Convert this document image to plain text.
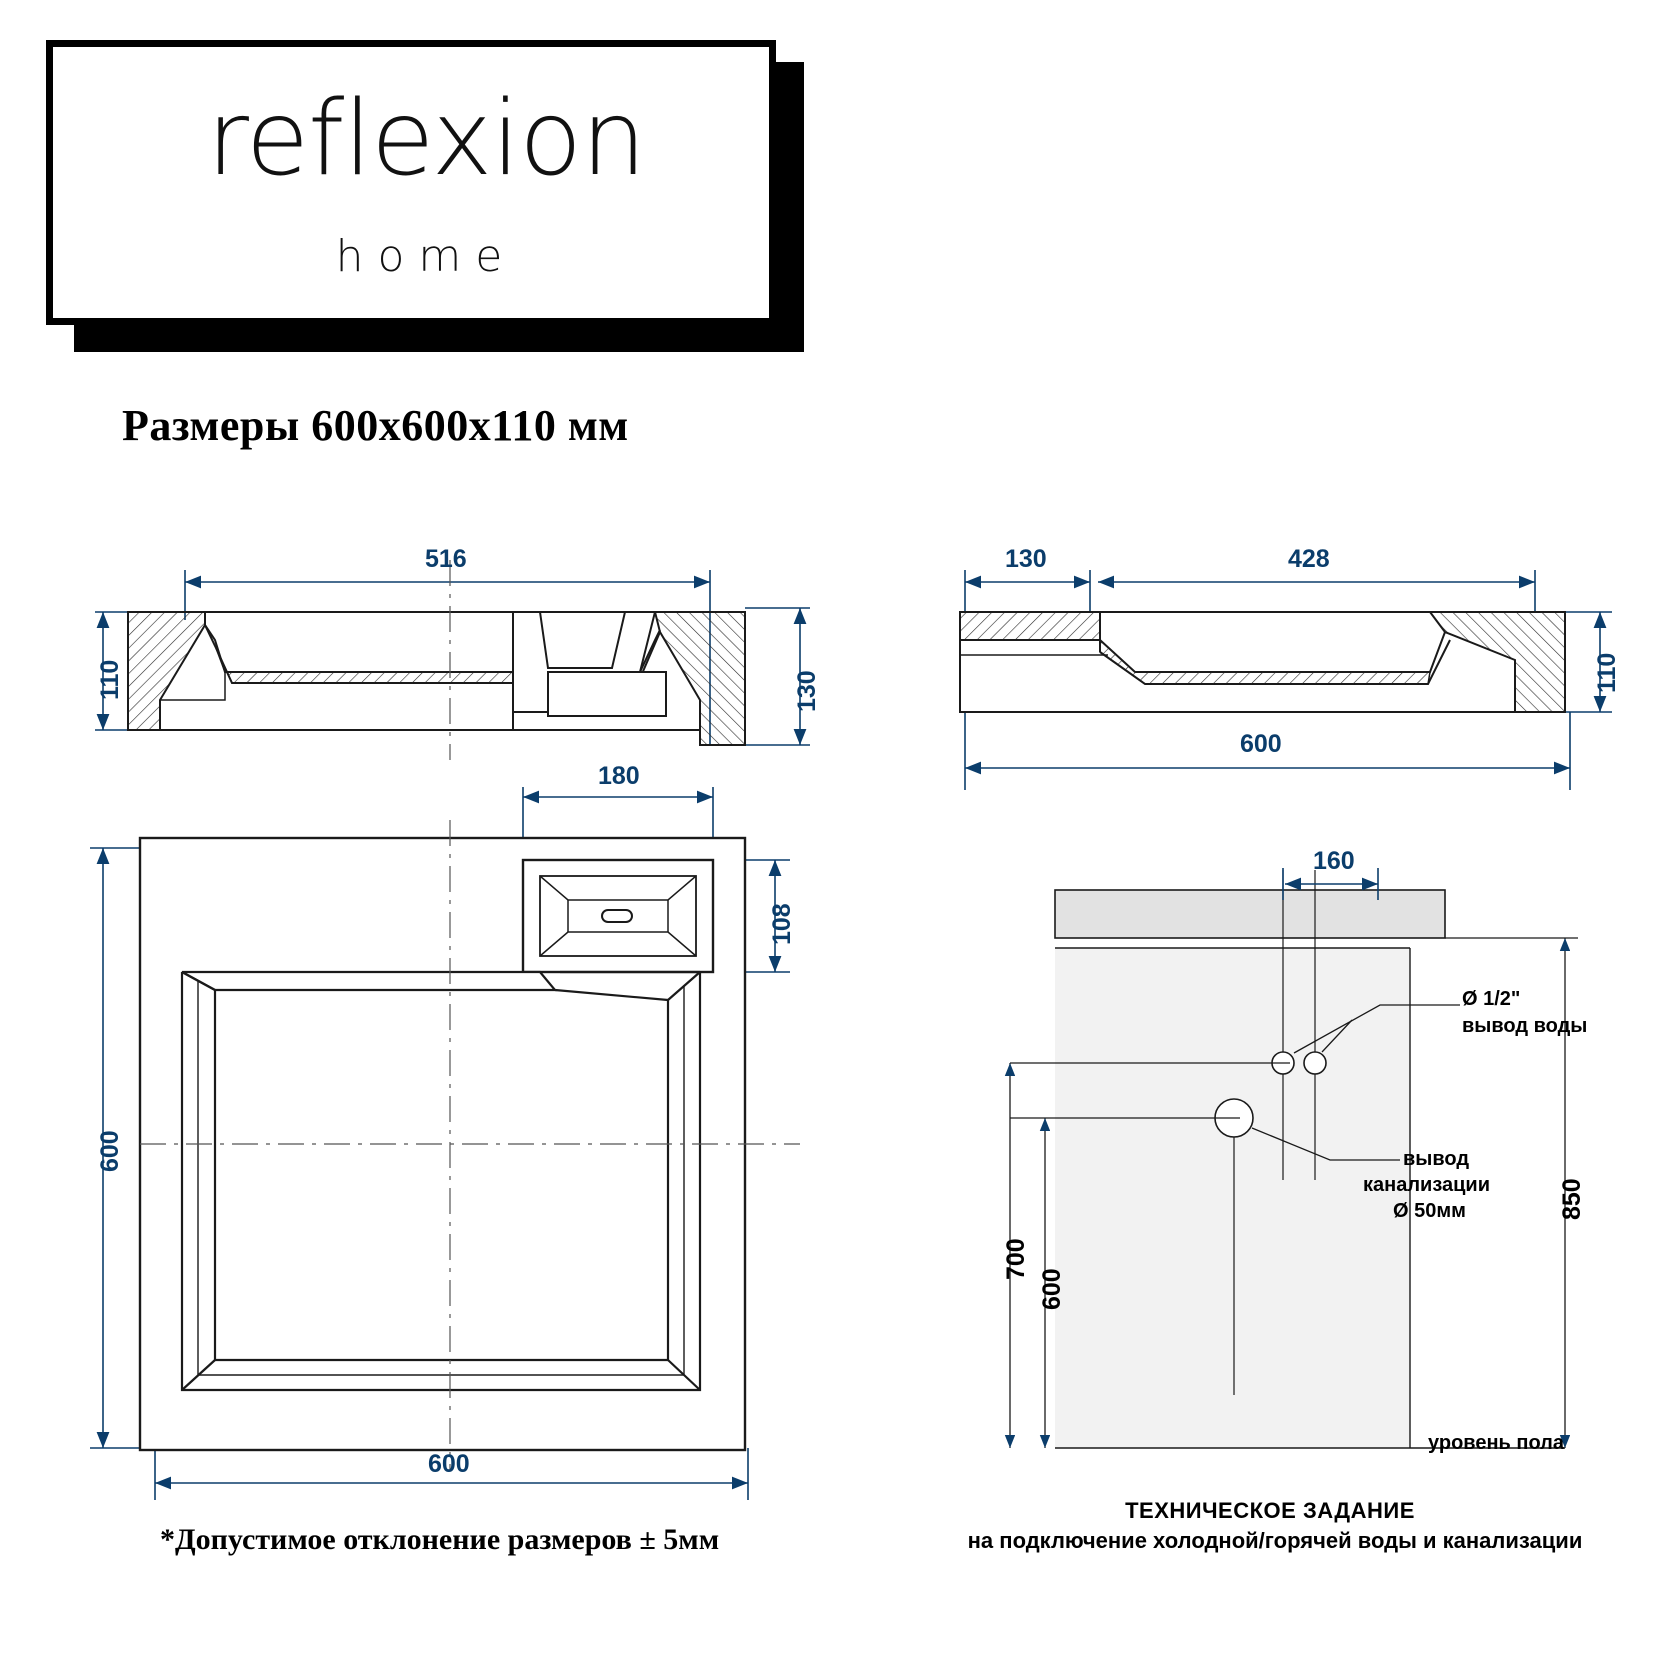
reflexion
home
Размеры 600x600x110 мм
516
110	130
130	428
110
600
180
108
600
600
160
700
600
850
Ø 1/2"
вывод воды
вывод
канализации
Ø 50мм
уровень пола
*Допустимое отклонение размеров ± 5мм
ТЕХНИЧЕСКОЕ ЗАДАНИЕ
на подключение холодной/горячей воды и канализации
